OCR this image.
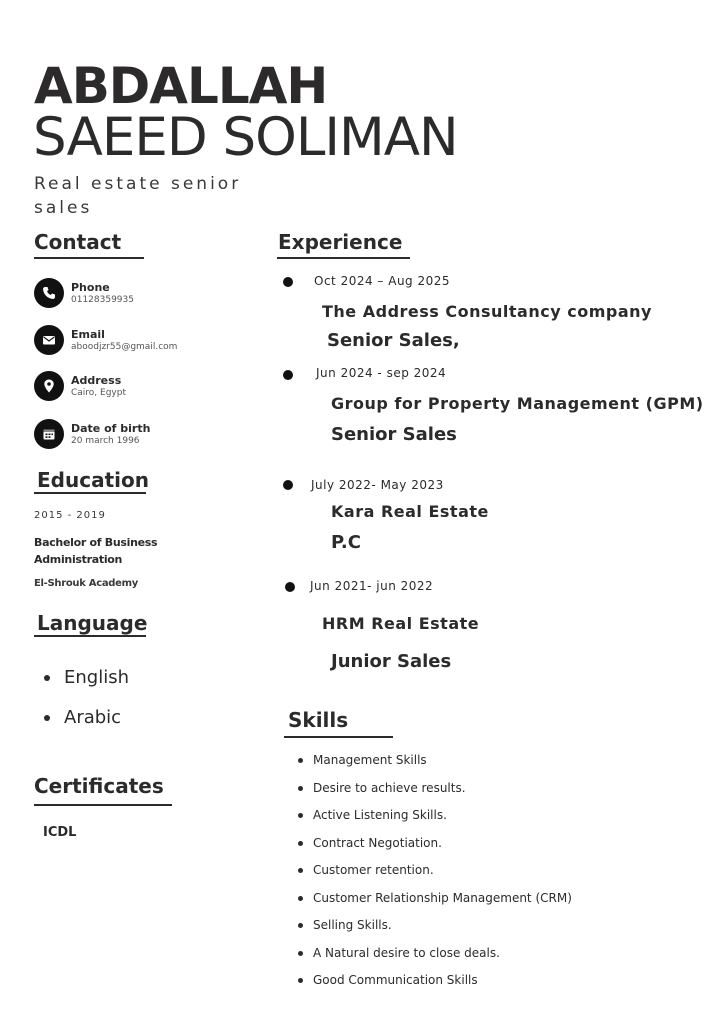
ABDALLAH
SAEED SOLIMAN
Real estate senior sales
Contact
Phone
01128359935
Email
aboodjzr55@gmail.com
Address
Cairo, Egypt
Date of birth
20 march 1996
Education
2015 - 2019
Bachelor of Business Administration
El-Shrouk Academy
Language
English
Arabic
Certificates
ICDL
Experience
Oct 2024 – Aug 2025
The Address Consultancy company
Senior Sales,
Jun 2024 - sep 2024
Group for Property Management (GPM)
Senior Sales
July 2022- May 2023
Kara Real Estate
P.C
Jun 2021- jun 2022
HRM Real Estate
Junior Sales
Skills
Management Skills
Desire to achieve results.
Active Listening Skills.
Contract Negotiation.
Customer retention.
Customer Relationship Management (CRM)
Selling Skills.
A Natural desire to close deals.
Good Communication Skills
